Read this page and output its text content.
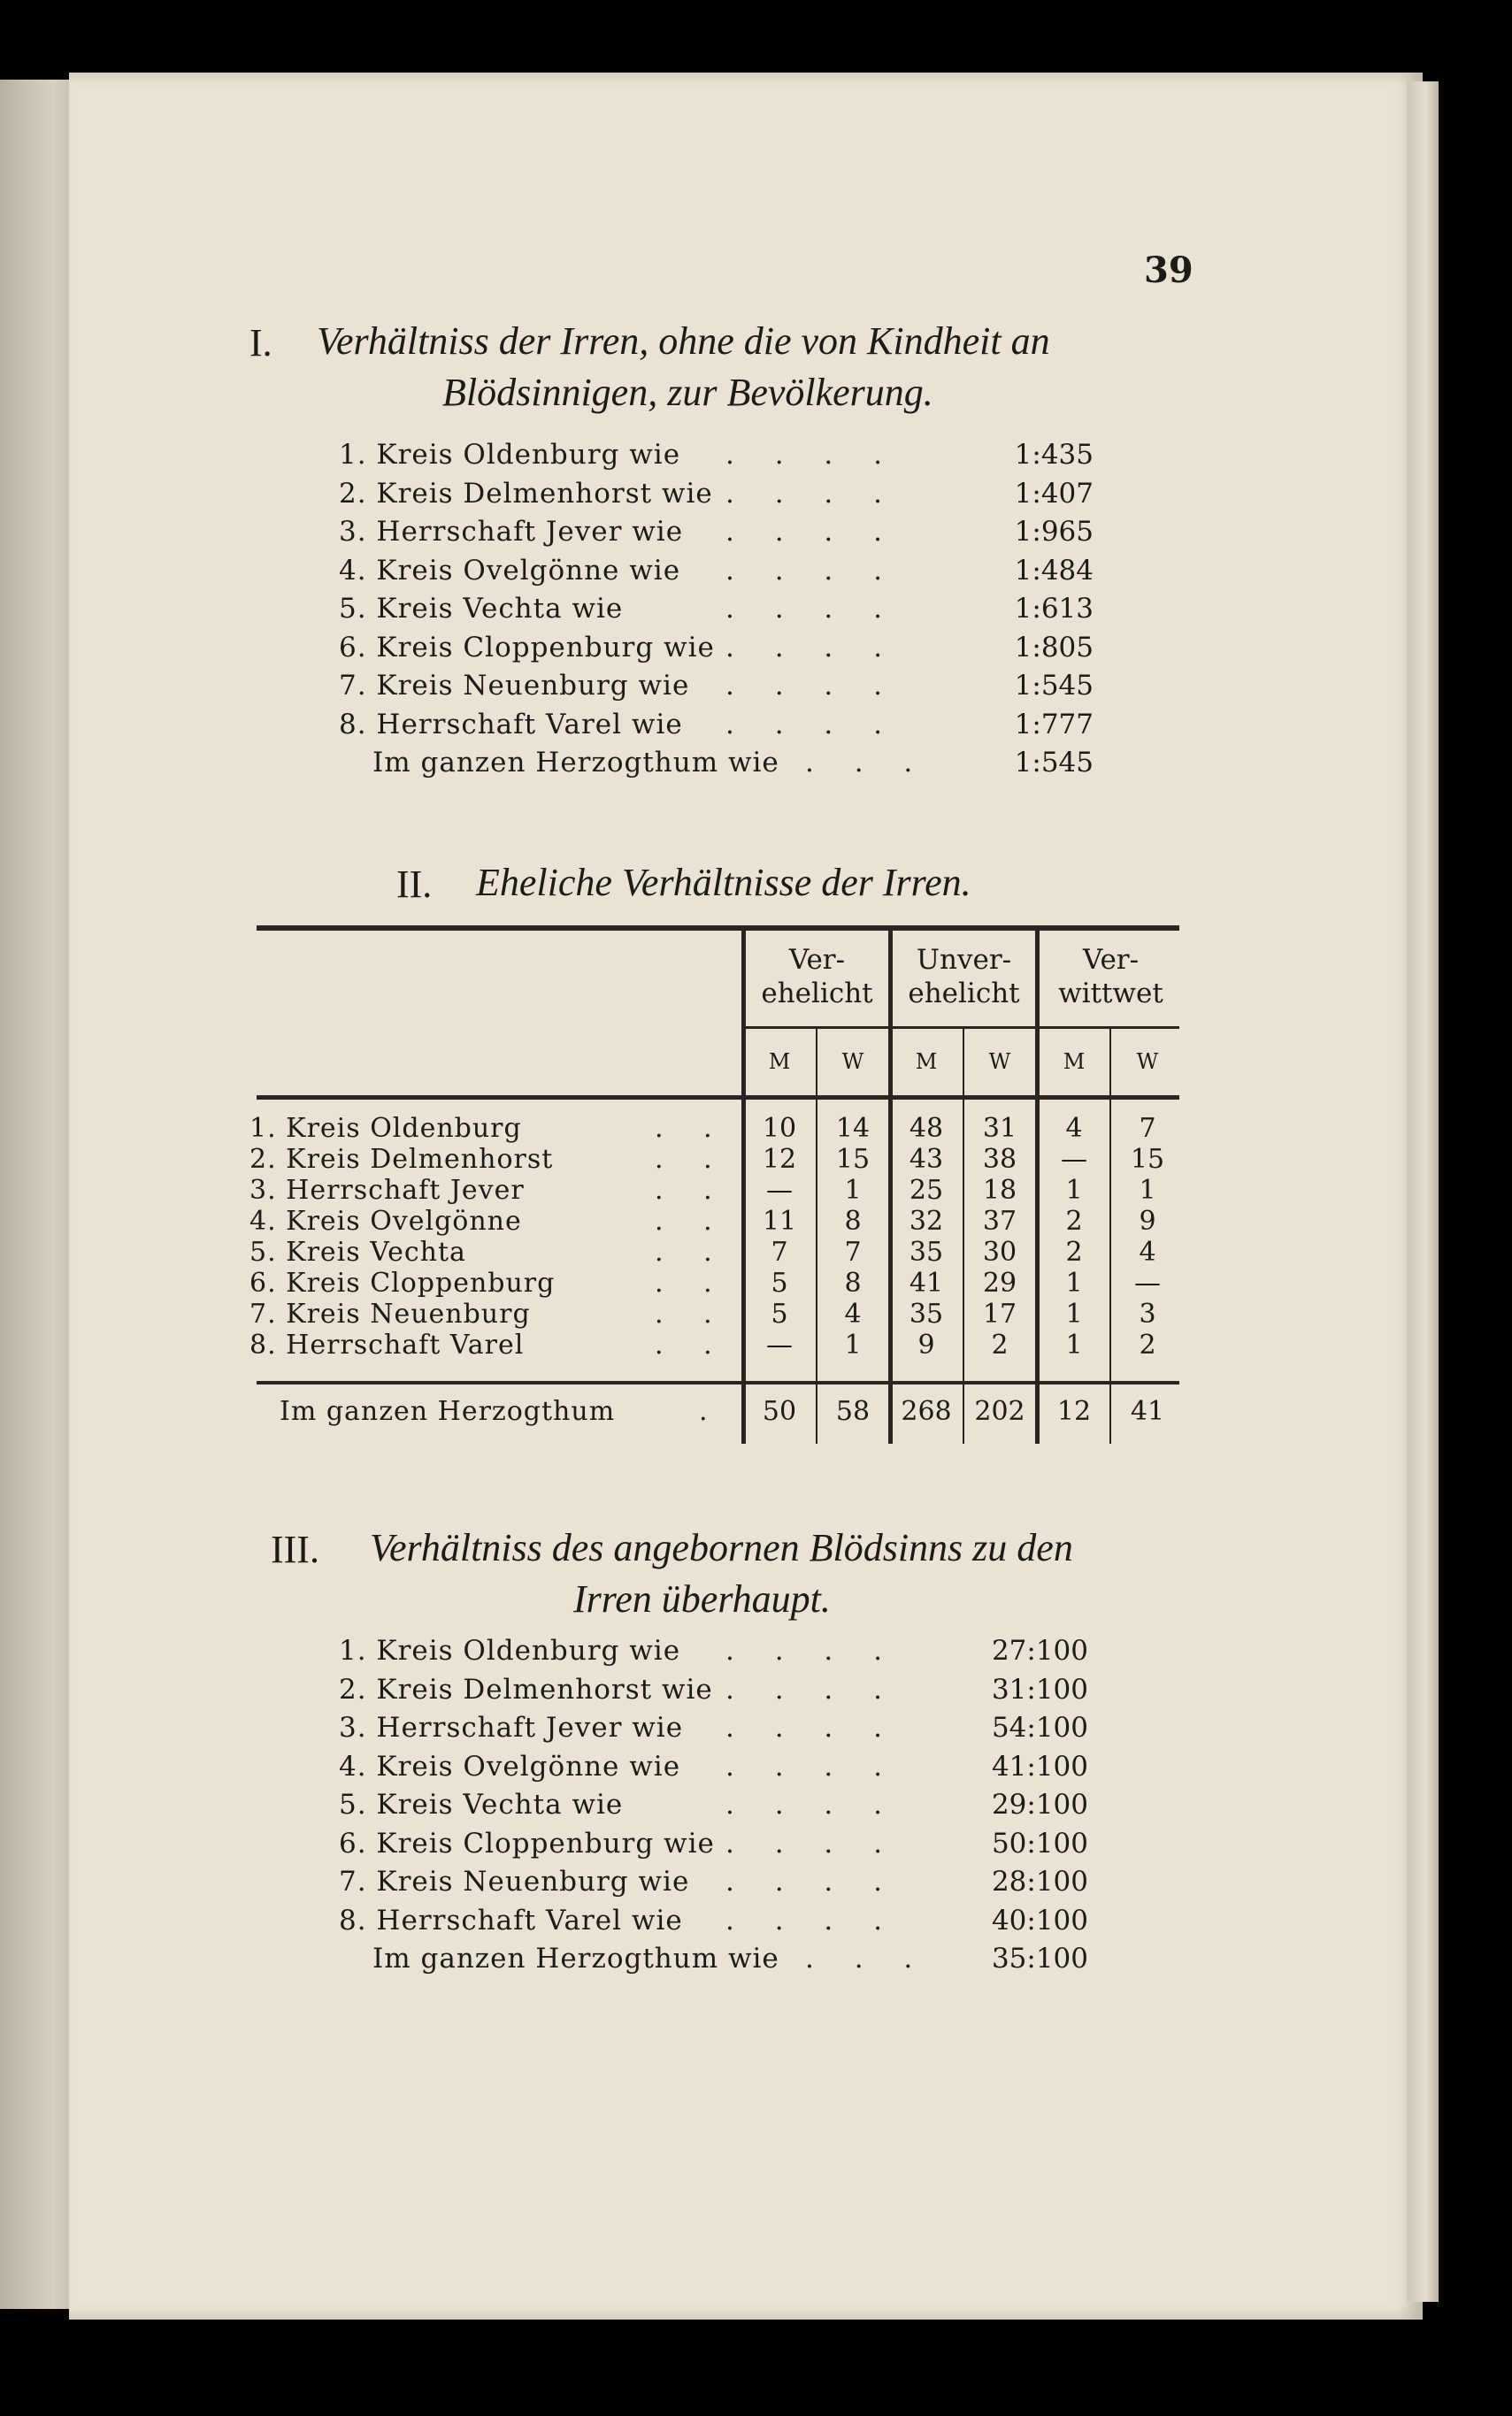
39
I. Verhältniss der Irren, ohne die von Kindheit an
Blödsinnigen, zur Bevölkerung.
1. Kreis Oldenburg wie . . . .	1:435
2. Kreis Delmenhorst wie . . . .	1:407
3. Herrschaft Jever wie . . . .	1:965
4. Kreis Ovelgönne wie . . . .	1:484
5. Kreis Vechta wie	. . . .	1:613
6. Kreis Cloppenburg wie . . . .	1:805
7. Kreis Neuenburg wie . . . .	1:545
8. Herrschaft Varel wie . . . .	1:777
Im ganzen Herzogthum wie . . .	1:545
II. Eheliche Verhältnisse der Irren.
Ver-
ehelicht
Unver-
ehelicht
Ver-
wittwet
M	W	M	W	M	W
1. Kreis Oldenburg	. .	10	14	48	31	4	7
2. Kreis Delmenhorst	. .	12	15	43	38	—	15
3. Herrschaft Jever	. .	—	1	25	18	1	1
4. Kreis Ovelgönne	. .	11	8	32	37	2	9
5. Kreis Vechta	. .	7	7	35	30	2	4
6. Kreis Cloppenburg	. .	5	8	41	29	1	—
7. Kreis Neuenburg	. .	5	4	35	17	1	3
8. Herrschaft Varel	. .	—	1	9	2	1	2
Im ganzen Herzogthum	.	50	58	268 202	12	41
III. Verhältniss des angebornen Blödsinns zu den
Irren überhaupt.
1. Kreis Oldenburg wie . . . .	27:100
2. Kreis Delmenhorst wie . . . .	31:100
3. Herrschaft Jever wie . . . .	54:100
4. Kreis Ovelgönne wie . . . .	41:100
5. Kreis Vechta wie	. . . .	29:100
6. Kreis Cloppenburg wie . . . .	50:100
7. Kreis Neuenburg wie . . . .	28:100
8. Herrschaft Varel wie . . . .	40:100
Im ganzen Herzogthum wie . . .	35:100
